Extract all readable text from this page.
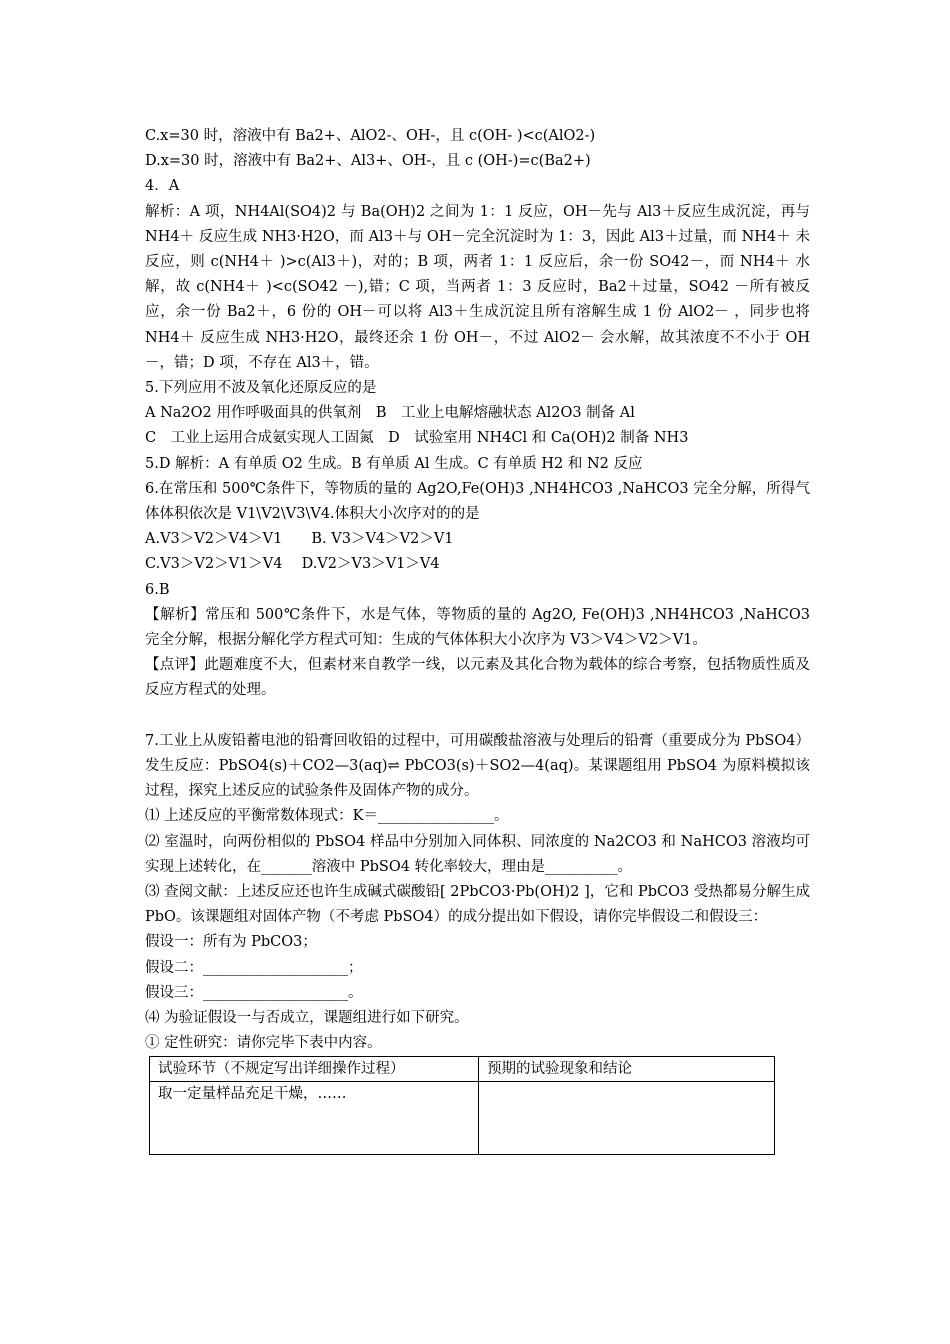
C.x=30 时，溶液中有 Ba2+、AlO2-、OH-，且 c(OH- )<c(AlO2-)
D.x=30 时，溶液中有 Ba2+、Al3+、OH-，且 c (OH-)=c(Ba2+)
4．A
解析：A 项，NH4Al(SO4)2 与 Ba(OH)2 之间为 1：1 反应，OH－先与 Al3＋反应生成沉淀，再与 NH4＋ 反应生成 NH3·H2O，而 Al3＋与 OH－完全沉淀时为 1：3，因此 Al3＋过量，而 NH4＋ 未反应，则 c(NH4＋ )>c(Al3＋)，对的；B 项，两者 1：1 反应后，余一份 SO42－，而 NH4＋ 水解，故 c(NH4＋ )<c(SO42 －),错；C 项，当两者 1：3 反应时，Ba2＋过量，SO42 －所有被反应，余一份 Ba2＋，6 份的 OH－可以将 Al3＋生成沉淀且所有溶解生成 1 份 AlO2－ ，同步也将 NH4＋ 反应生成 NH3·H2O，最终还余 1 份 OH－，不过 AlO2－ 会水解，故其浓度不不小于 OH－，错；D 项，不存在 Al3＋，错。
5.下列应用不波及氧化还原反应的是
A Na2O2 用作呼吸面具的供氧剂　B　工业上电解熔融状态 Al2O3 制备 Al
C　工业上运用合成氨实现人工固氮　D　试验室用 NH4Cl 和 Ca(OH)2 制备 NH3
5.D 解析：A 有单质 O2 生成。B 有单质 Al 生成。C 有单质 H2 和 N2 反应
6.在常压和 500℃条件下，等物质的量的 Ag2O,Fe(OH)3 ,NH4HCO3 ,NaHCO3 完全分解，所得气体体积依次是 V1\V2\V3\V4.体积大小次序对的的是
A.V3＞V2＞V4＞V1　　B. V3＞V4＞V2＞V1
C.V3＞V2＞V1＞V4　 D.V2＞V3＞V1＞V4
6.B
【解析】常压和 500℃条件下，水是气体，等物质的量的 Ag2O, Fe(OH)3 ,NH4HCO3 ,NaHCO3 完全分解，根据分解化学方程式可知：生成的气体体积大小次序为 V3＞V4＞V2＞V1。
【点评】此题难度不大，但素材来自教学一线，以元素及其化合物为载体的综合考察，包括物质性质及反应方程式的处理。
7.工业上从废铅蓄电池的铅膏回收铅的过程中，可用碳酸盐溶液与处理后的铅膏（重要成分为 PbSO4）发生反应：PbSO4(s)＋CO2—3(aq)⇌ PbCO3(s)＋SO2—4(aq)。某课题组用 PbSO4 为原料模拟该过程，探究上述反应的试验条件及固体产物的成分。
⑴ 上述反应的平衡常数体现式：K＝________________。
⑵ 室温时，向两份相似的 PbSO4 样品中分别加入同体积、同浓度的 Na2CO3 和 NaHCO3 溶液均可实现上述转化，在_______溶液中 PbSO4 转化率较大，理由是__________。
⑶ 查阅文献：上述反应还也许生成碱式碳酸铅[ 2PbCO3·Pb(OH)2 ]，它和 PbCO3 受热都易分解生成 PbO。该课题组对固体产物（不考虑 PbSO4）的成分提出如下假设，请你完毕假设二和假设三：
假设一：所有为 PbCO3；
假设二：____________________；
假设三：____________________。
⑷ 为验证假设一与否成立，课题组进行如下研究。
① 定性研究：请你完毕下表中内容。
试验环节（不规定写出详细操作过程）	预期的试验现象和结论
取一定量样品充足干燥，……	
